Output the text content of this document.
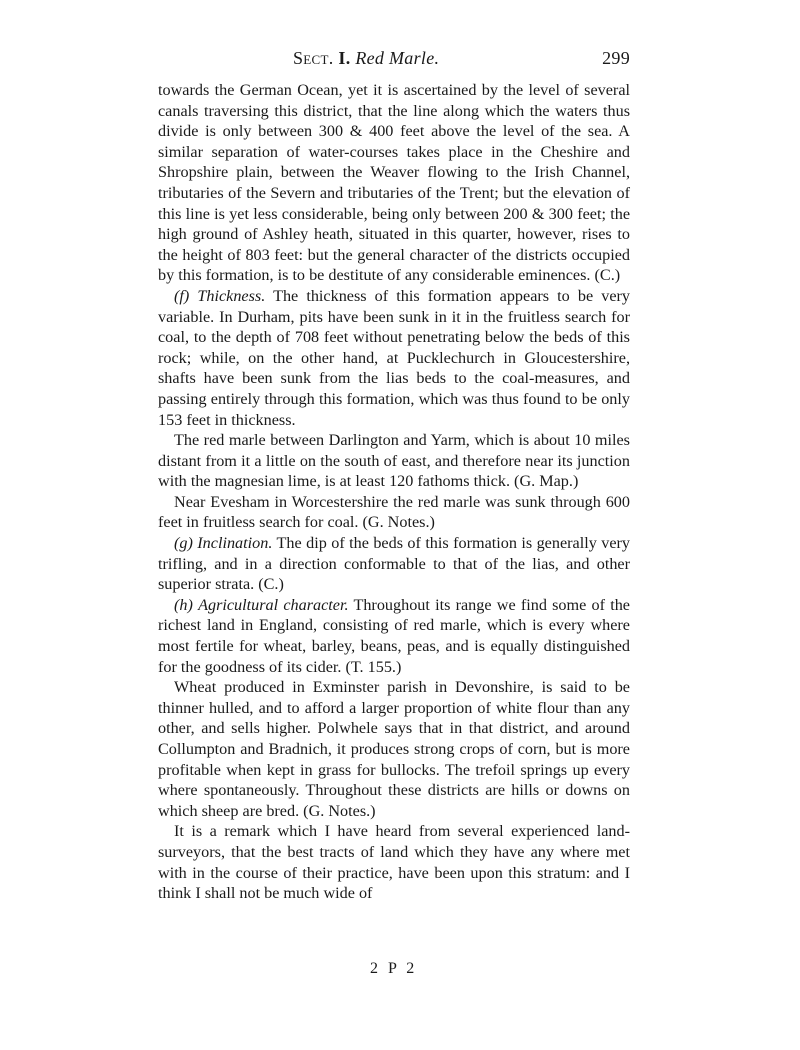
Sect. I. Red Marle.	299

towards the German Ocean, yet it is ascertained by the level of several canals traversing this district, that the line along which the waters thus divide is only between 300 & 400 feet above the level of the sea. A similar separation of water-courses takes place in the Cheshire and Shropshire plain, between the Weaver flowing to the Irish Channel, tributaries of the Severn and tributaries of the Trent; but the elevation of this line is yet less considerable, being only between 200 & 300 feet; the high ground of Ashley heath, situated in this quarter, however, rises to the height of 803 feet: but the general character of the districts occupied by this formation, is to be destitute of any considerable eminences. (C.)

(f) Thickness. The thickness of this formation appears to be very variable. In Durham, pits have been sunk in it in the fruitless search for coal, to the depth of 708 feet without penetrating below the beds of this rock; while, on the other hand, at Pucklechurch in Gloucestershire, shafts have been sunk from the lias beds to the coal-measures, and passing entirely through this formation, which was thus found to be only 153 feet in thickness.

The red marle between Darlington and Yarm, which is about 10 miles distant from it a little on the south of east, and therefore near its junction with the magnesian lime, is at least 120 fathoms thick. (G. Map.)

Near Evesham in Worcestershire the red marle was sunk through 600 feet in fruitless search for coal. (G. Notes.)

(g) Inclination. The dip of the beds of this formation is generally very trifling, and in a direction conformable to that of the lias, and other superior strata. (C.)

(h) Agricultural character. Throughout its range we find some of the richest land in England, consisting of red marle, which is every where most fertile for wheat, barley, beans, peas, and is equally distinguished for the goodness of its cider. (T. 155.)

Wheat produced in Exminster parish in Devonshire, is said to be thinner hulled, and to afford a larger proportion of white flour than any other, and sells higher. Polwhele says that in that district, and around Collumpton and Bradnich, it produces strong crops of corn, but is more profitable when kept in grass for bullocks. The trefoil springs up every where spontaneously. Throughout these districts are hills or downs on which sheep are bred. (G. Notes.)

It is a remark which I have heard from several experienced land-surveyors, that the best tracts of land which they have any where met with in the course of their practice, have been upon this stratum: and I think I shall not be much wide of

2 P 2
